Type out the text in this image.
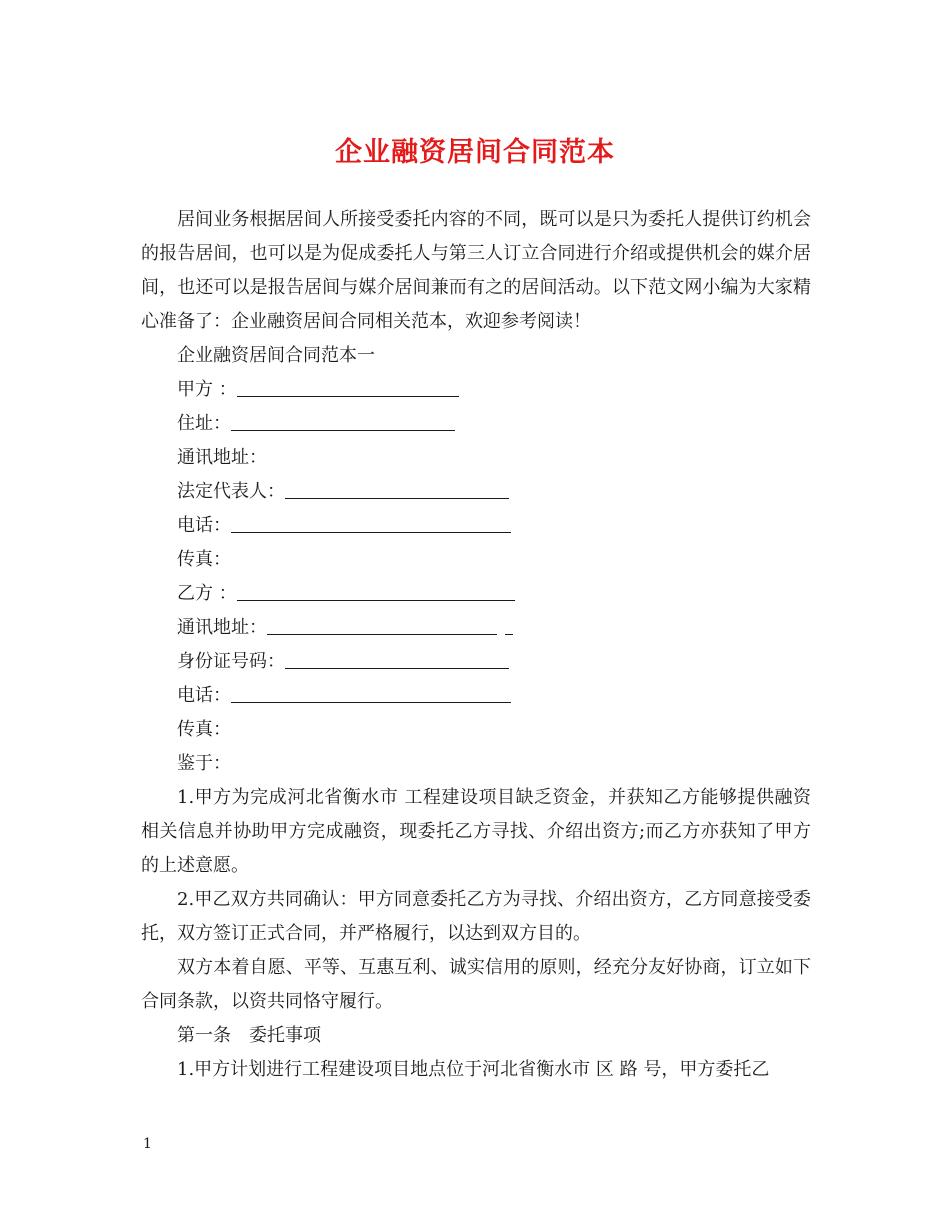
企业融资居间合同范本

居间业务根据居间人所接受委托内容的不同，既可以是只为委托人提供订约机会的报告居间，也可以是为促成委托人与第三人订立合同进行介绍或提供机会的媒介居间，也还可以是报告居间与媒介居间兼而有之的居间活动。以下范文网小编为大家精心准备了：企业融资居间合同相关范本，欢迎参考阅读！

企业融资居间合同范本一

甲方 ：

住址：

通讯地址：

法定代表人：

电话：

传真：

乙方 ：

通讯地址：

身份证号码：

电话：

传真：

鉴于：

1.甲方为完成河北省衡水市 工程建设项目缺乏资金，并获知乙方能够提供融资相关信息并协助甲方完成融资，现委托乙方寻找、介绍出资方;而乙方亦获知了甲方的上述意愿。

2.甲乙双方共同确认：甲方同意委托乙方为寻找、介绍出资方，乙方同意接受委托，双方签订正式合同，并严格履行，以达到双方目的。

双方本着自愿、平等、互惠互利、诚实信用的原则，经充分友好协商，订立如下合同条款，以资共同恪守履行。

第一条　委托事项

1.甲方计划进行工程建设项目地点位于河北省衡水市 区 路 号，甲方委托乙

1
